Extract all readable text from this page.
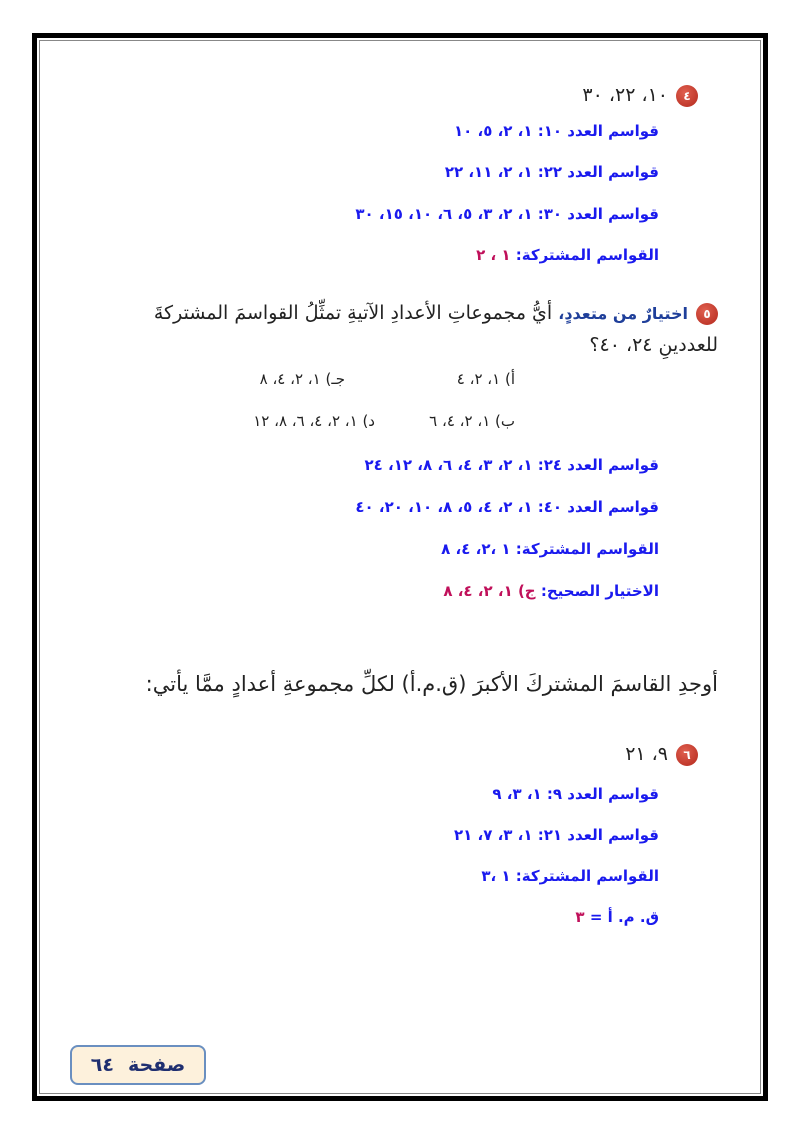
٤١٠، ٢٢، ٣٠
قواسم العدد ١٠: ١، ٢، ٥، ١٠
قواسم العدد ٢٢: ١، ٢، ١١، ٢٢
قواسم العدد ٣٠: ١، ٢، ٣، ٥، ٦، ١٠، ١٥، ٣٠
القواسم المشتركة: ١ ، ٢
٥اختيارٌ من متعددٍ، أيُّ مجموعاتِ الأعدادِ الآتيةِ تمثِّلُ القواسمَ المشتركةَ
للعددينِ ٢٤، ٤٠؟
أ) ١، ٢، ٤
جـ) ١، ٢، ٤، ٨
ب) ١، ٢، ٤، ٦
د) ١، ٢، ٤، ٦، ٨، ١٢
قواسم العدد ٢٤: ١، ٢، ٣، ٤، ٦، ٨، ١٢، ٢٤
قواسم العدد ٤٠: ١، ٢، ٤، ٥، ٨، ١٠، ٢٠، ٤٠
القواسم المشتركة: ١ ،٢، ٤، ٨
الاختيار الصحيح: ج) ١، ٢، ٤، ٨
أوجدِ القاسمَ المشتركَ الأكبرَ (ق.م.أ) لكلِّ مجموعةِ أعدادٍ ممَّا يأتي:
٦٩، ٢١
قواسم العدد ٩: ١، ٣، ٩
قواسم العدد ٢١: ١، ٣، ٧، ٢١
القواسم المشتركة: ١ ،٣
ق. م. أ = ٣
صفحة
٦٤
